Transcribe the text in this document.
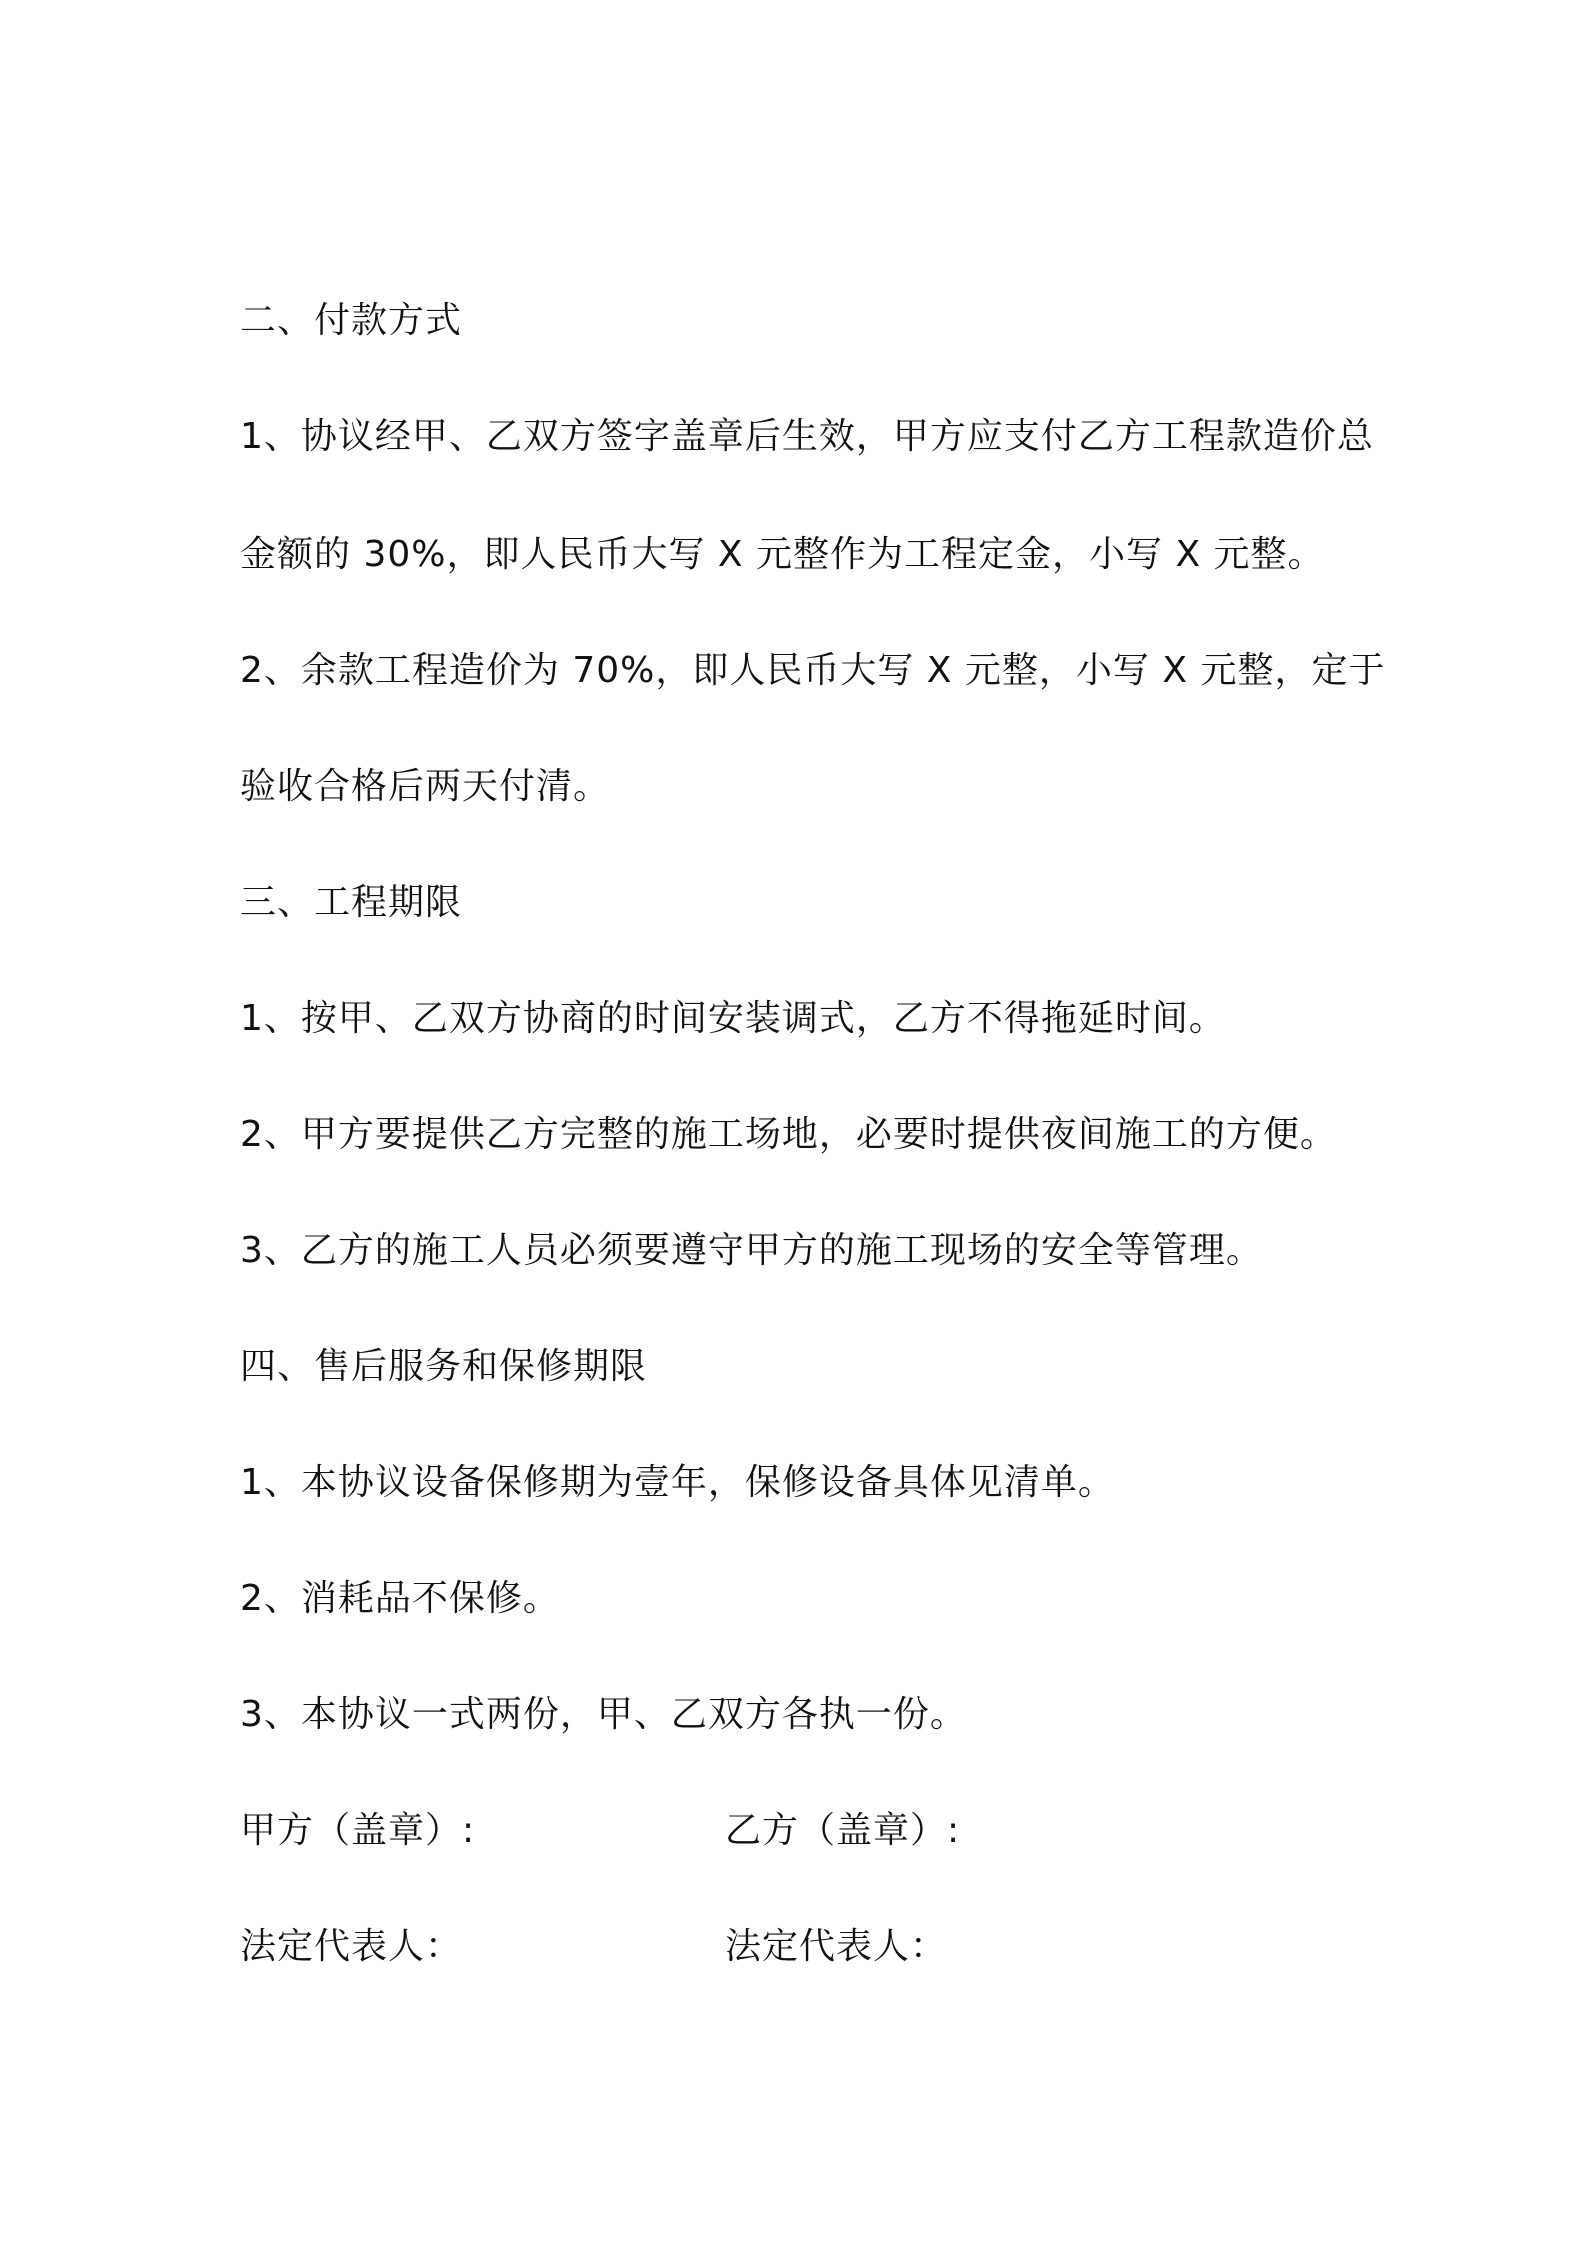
二、付款方式
1、协议经甲、乙双方签字盖章后生效，甲方应支付乙方工程款造价总
金额的 30%，即人民币大写 X 元整作为工程定金，小写 X 元整。
2、余款工程造价为 70%，即人民币大写 X 元整，小写 X 元整，定于
验收合格后两天付清。
三、工程期限
1、按甲、乙双方协商的时间安装调式，乙方不得拖延时间。
2、甲方要提供乙方完整的施工场地，必要时提供夜间施工的方便。
3、乙方的施工人员必须要遵守甲方的施工现场的安全等管理。
四、售后服务和保修期限
1、本协议设备保修期为壹年，保修设备具体见清单。
2、消耗品不保修。
3、本协议一式两份，甲、乙双方各执一份。
甲方（盖章）:	乙方（盖章）:
法定代表人：	法定代表人：
